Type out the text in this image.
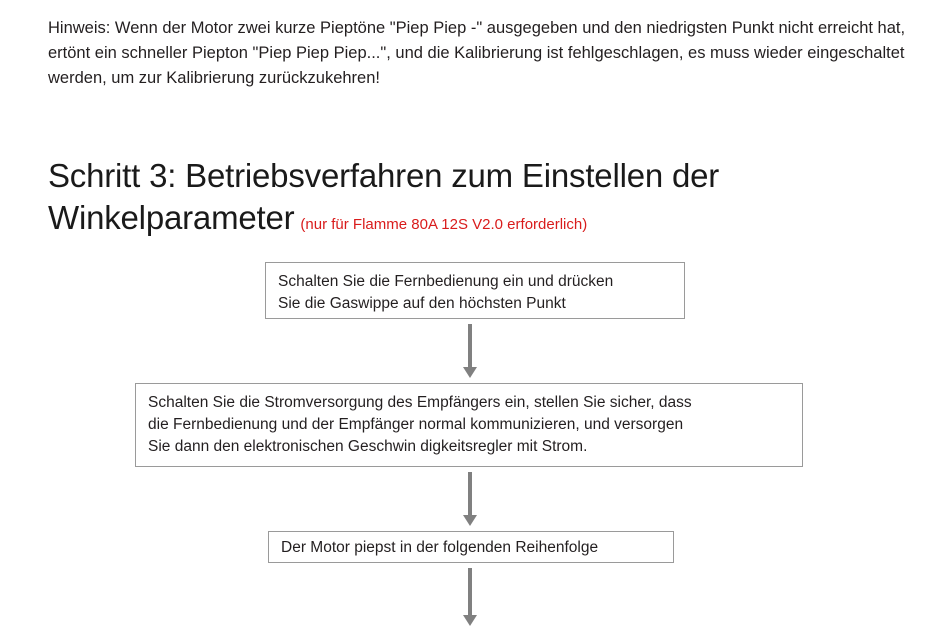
Hinweis: Wenn der Motor zwei kurze Pieptöne "Piep Piep -" ausgegeben und den niedrigsten Punkt nicht erreicht hat, ertönt ein schneller Piepton "Piep Piep Piep...", und die Kalibrierung ist fehlgeschlagen, es muss wieder eingeschaltet werden, um zur Kalibrierung zurückzukehren!

Schritt 3: Betriebsverfahren zum Einstellen der
Winkelparameter (nur für Flamme 80A 12S V2.0 erforderlich)
Schalten Sie die Fernbedienung ein und drücken
Sie die Gaswippe auf den höchsten Punkt
Schalten Sie die Stromversorgung des Empfängers ein, stellen Sie sicher, dass
die Fernbedienung und der Empfänger normal kommunizieren, und versorgen
Sie dann den elektronischen Geschwin digkeitsregler mit Strom.
Der Motor piepst in der folgenden Reihenfolge
